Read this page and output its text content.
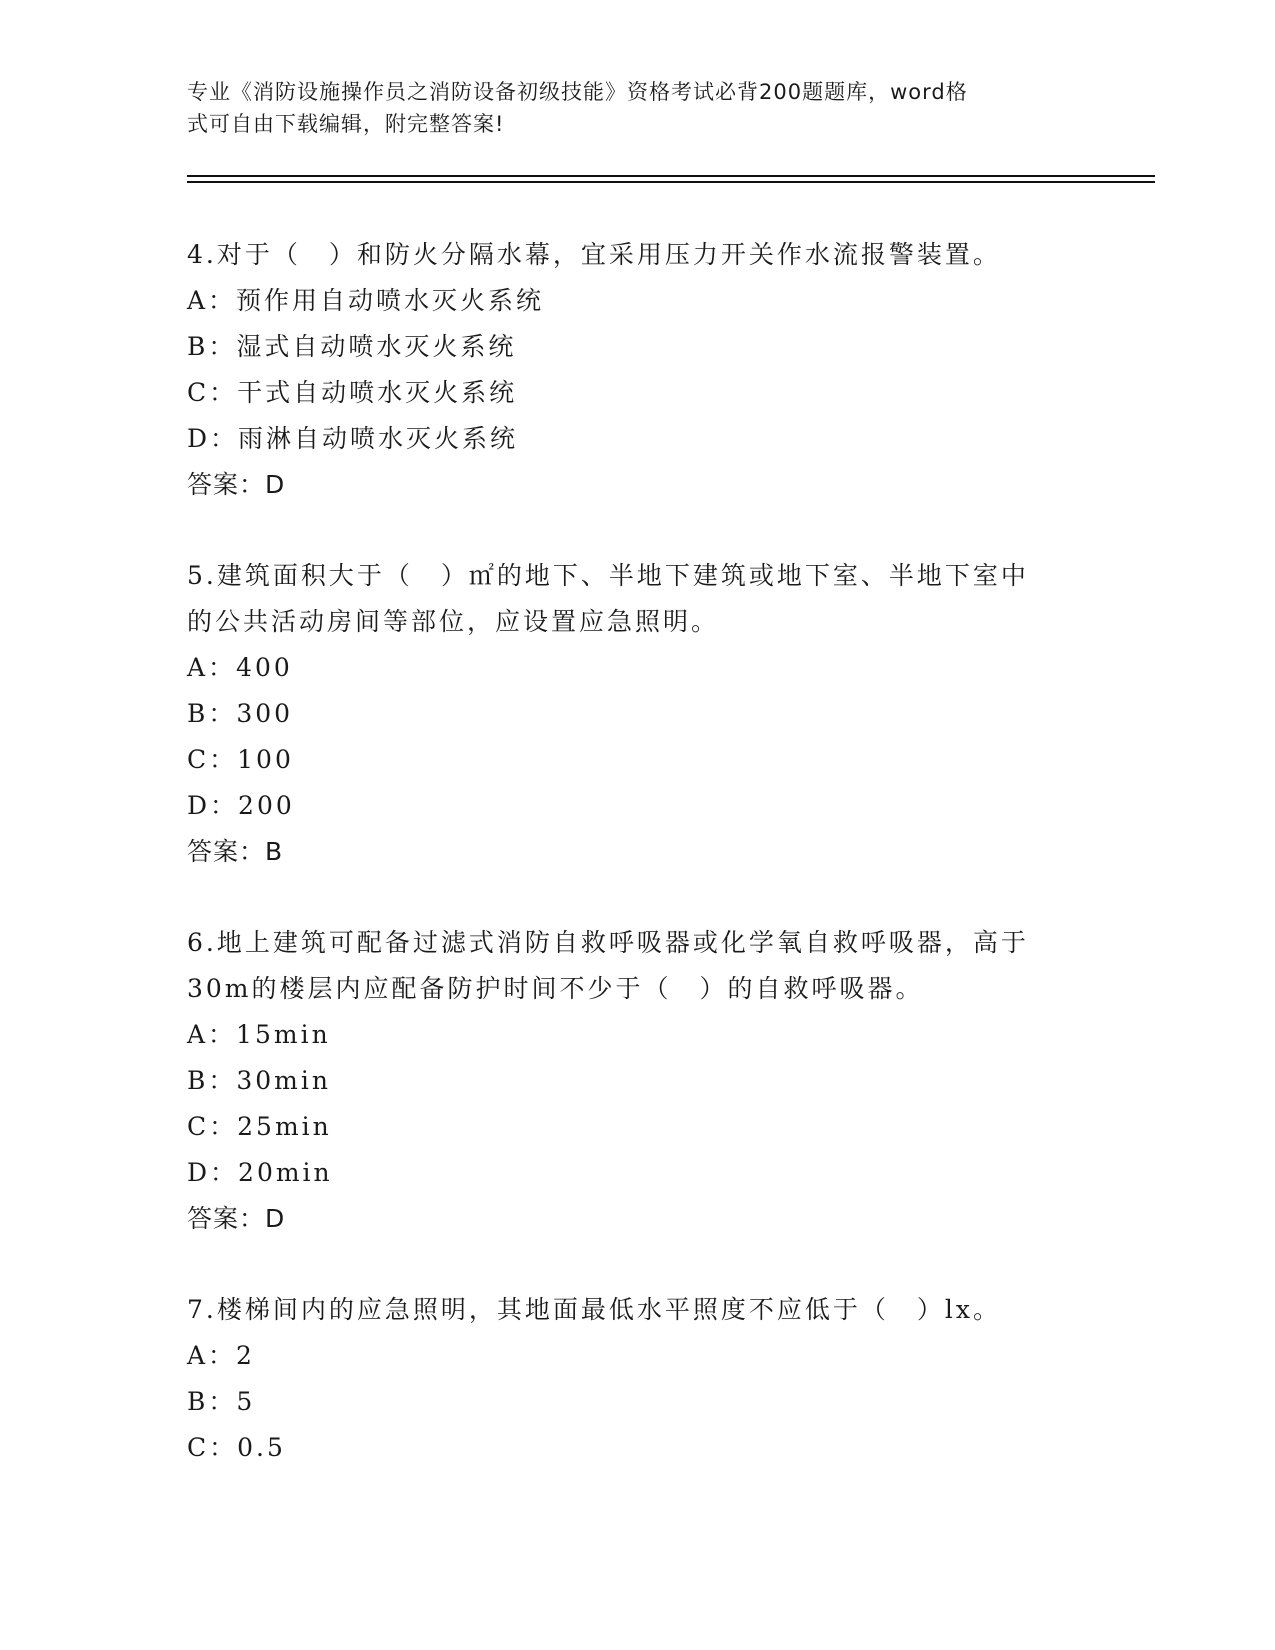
专业《消防设施操作员之消防设备初级技能》资格考试必背200题题库，word格
式可自由下载编辑，附完整答案!

4.对于（　）和防火分隔水幕，宜采用压力开关作水流报警装置。

A：预作用自动喷水灭火系统

B：湿式自动喷水灭火系统

C：干式自动喷水灭火系统

D：雨淋自动喷水灭火系统

答案：D

5.建筑面积大于（　）㎡的地下、半地下建筑或地下室、半地下室中

的公共活动房间等部位，应设置应急照明。

A：400

B：300

C：100

D：200

答案：B

6.地上建筑可配备过滤式消防自救呼吸器或化学氧自救呼吸器，高于

30m的楼层内应配备防护时间不少于（　）的自救呼吸器。

A：15min

B：30min

C：25min

D：20min

答案：D

7.楼梯间内的应急照明，其地面最低水平照度不应低于（　）lx。

A：2

B：5

C：0.5
